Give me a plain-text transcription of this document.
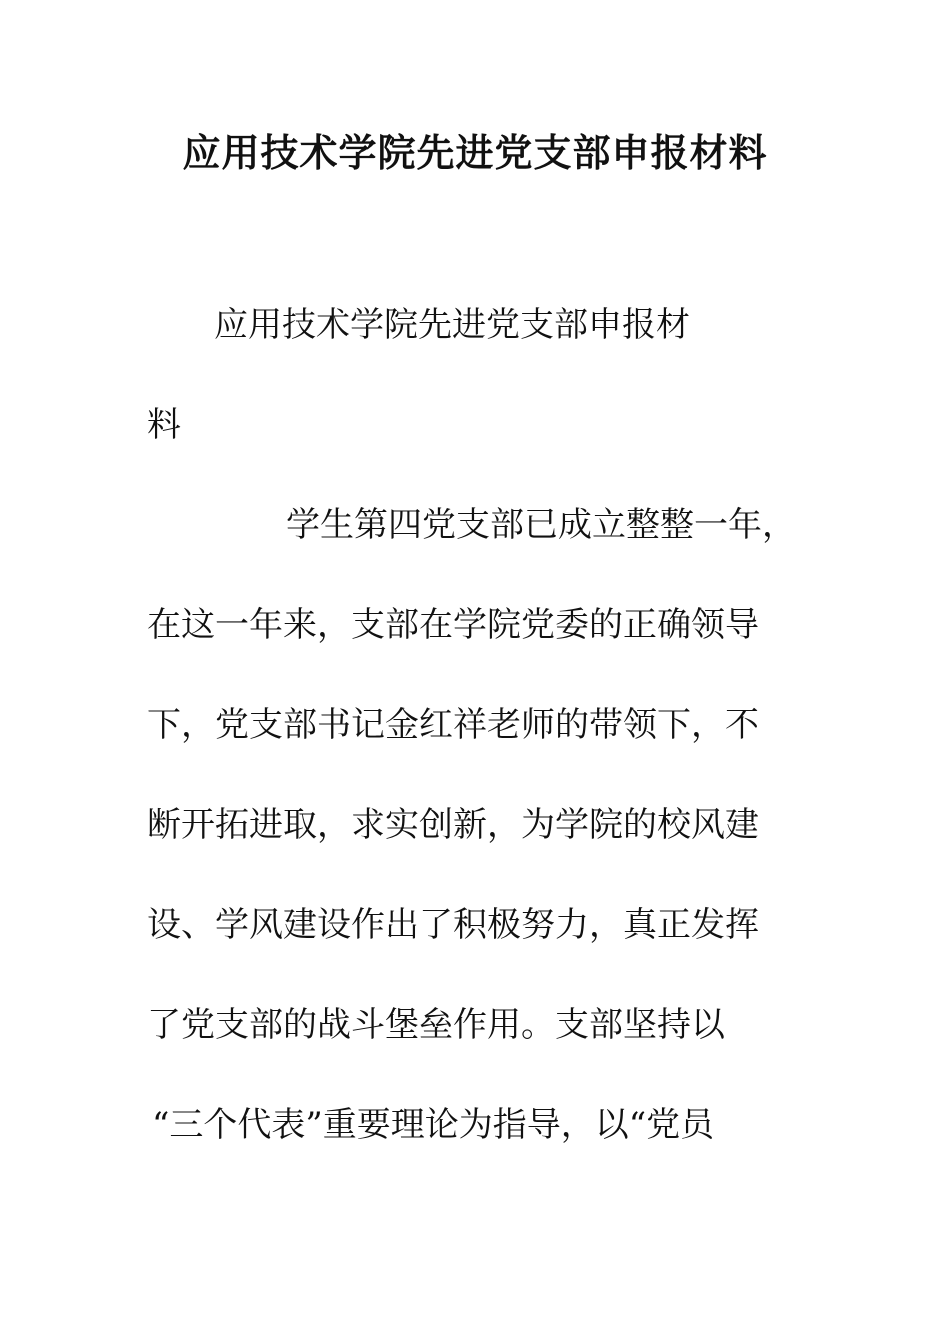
应用技术学院先进党支部申报材料
应用技术学院先进党支部申报材
料
学生第四党支部已成立整整一年，
在这一年来，支部在学院党委的正确领导
下，党支部书记金红祥老师的带领下，不
断开拓进取，求实创新，为学院的校风建
设、学风建设作出了积极努力，真正发挥
了党支部的战斗堡垒作用。支部坚持以
“三个代表”重要理论为指导，以“党员
